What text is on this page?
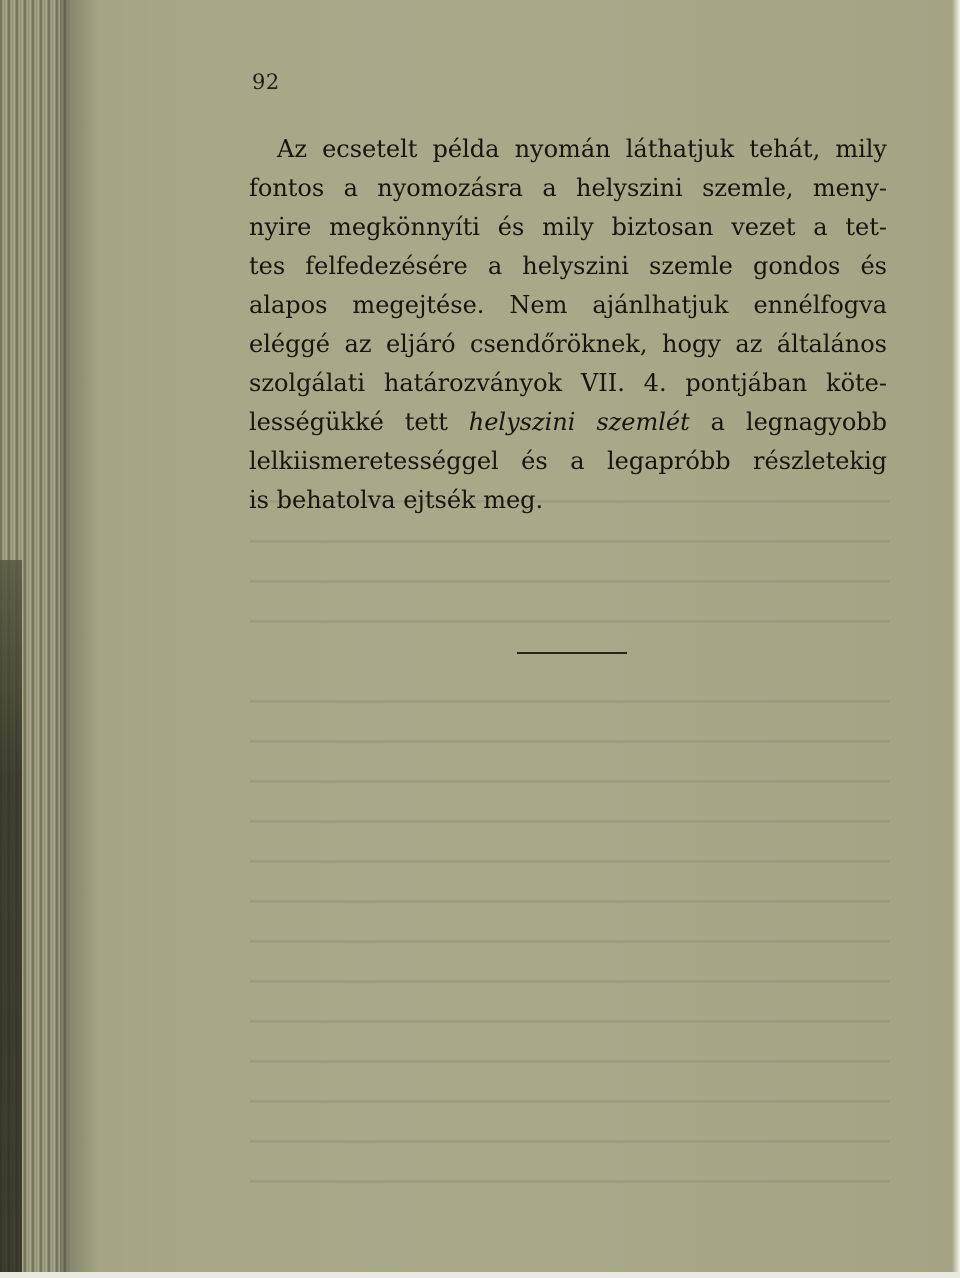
92

Az ecsetelt példa nyomán láthatjuk tehát, mily
fontos a nyomozásra a helyszini szemle, meny-
nyire megkönnyíti és mily biztosan vezet a tet-
tes felfedezésére a helyszini szemle gondos és
alapos megejtése. Nem ajánlhatjuk ennélfogva
eléggé az eljáró csendőröknek, hogy az általános
szolgálati határozványok VII. 4. pontjában köte-
lességükké tett helyszini szemlét a legnagyobb
lelkiismeretességgel és a legapróbb részletekig
is behatolva ejtsék meg.
